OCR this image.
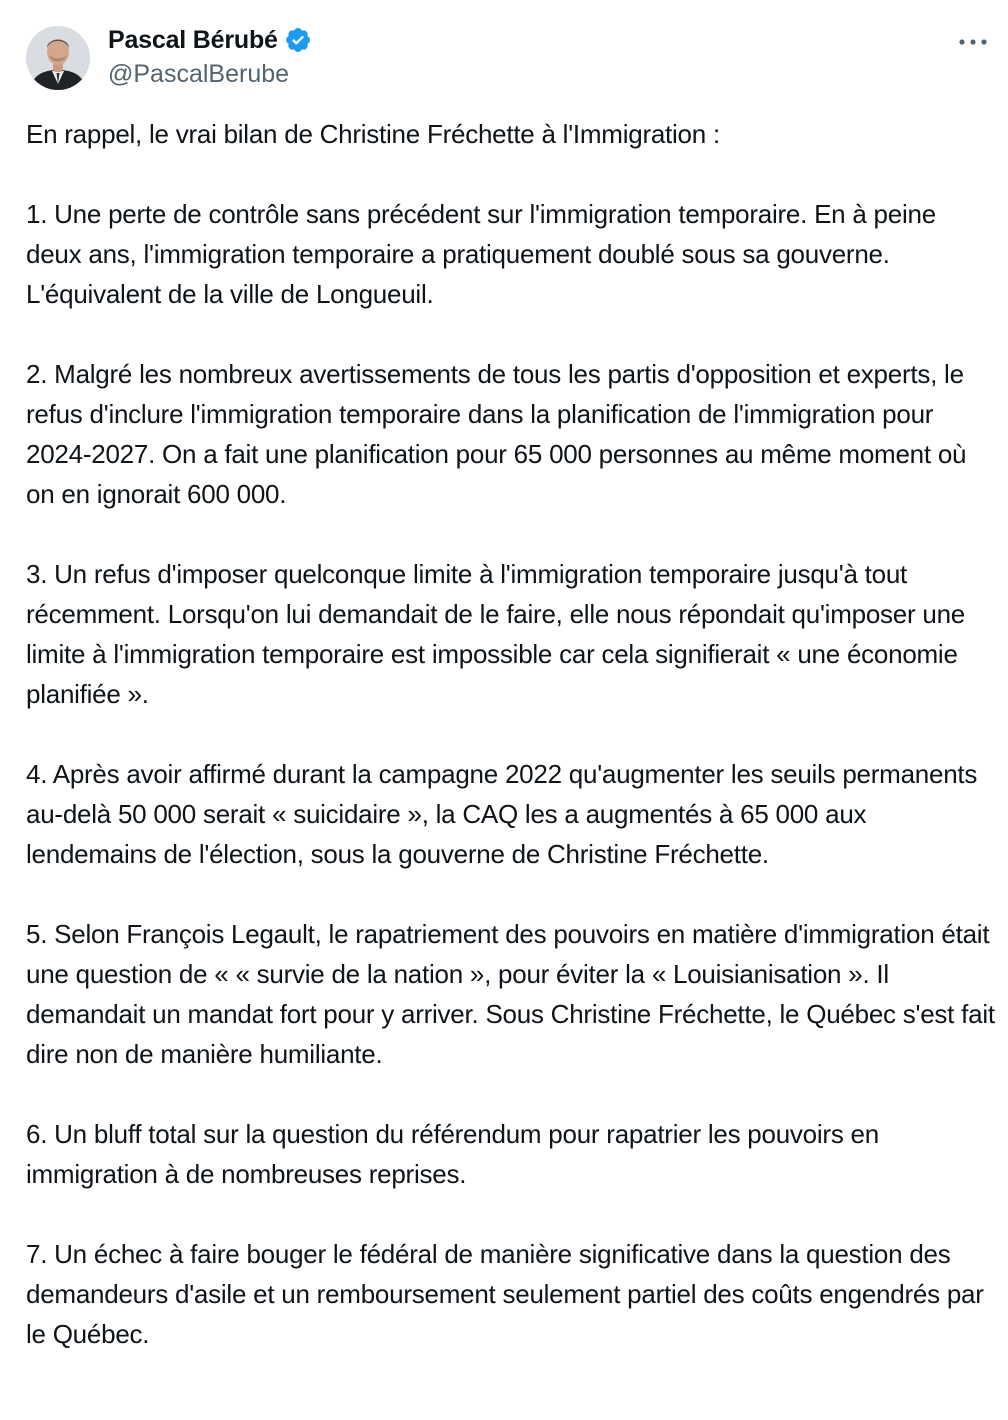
Pascal Bérubé
@PascalBerube

En rappel, le vrai bilan de Christine Fréchette à l'Immigration :

1. Une perte de contrôle sans précédent sur l'immigration temporaire. En à peine deux ans, l'immigration temporaire a pratiquement doublé sous sa gouverne. L'équivalent de la ville de Longueuil.

2. Malgré les nombreux avertissements de tous les partis d'opposition et experts, le refus d'inclure l'immigration temporaire dans la planification de l'immigration pour 2024-2027. On a fait une planification pour 65 000 personnes au même moment où on en ignorait 600 000.

3. Un refus d'imposer quelconque limite à l'immigration temporaire jusqu'à tout récemment. Lorsqu'on lui demandait de le faire, elle nous répondait qu'imposer une limite à l'immigration temporaire est impossible car cela signifierait « une économie planifiée ».

4. Après avoir affirmé durant la campagne 2022 qu'augmenter les seuils permanents au-delà 50 000 serait « suicidaire », la CAQ les a augmentés à 65 000 aux lendemains de l'élection, sous la gouverne de Christine Fréchette.

5. Selon François Legault, le rapatriement des pouvoirs en matière d'immigration était une question de « « survie de la nation », pour éviter la « Louisianisation ». Il demandait un mandat fort pour y arriver. Sous Christine Fréchette, le Québec s'est fait dire non de manière humiliante.

6. Un bluff total sur la question du référendum pour rapatrier les pouvoirs en immigration à de nombreuses reprises.

7. Un échec à faire bouger le fédéral de manière significative dans la question des demandeurs d'asile et un remboursement seulement partiel des coûts engendrés par le Québec.
